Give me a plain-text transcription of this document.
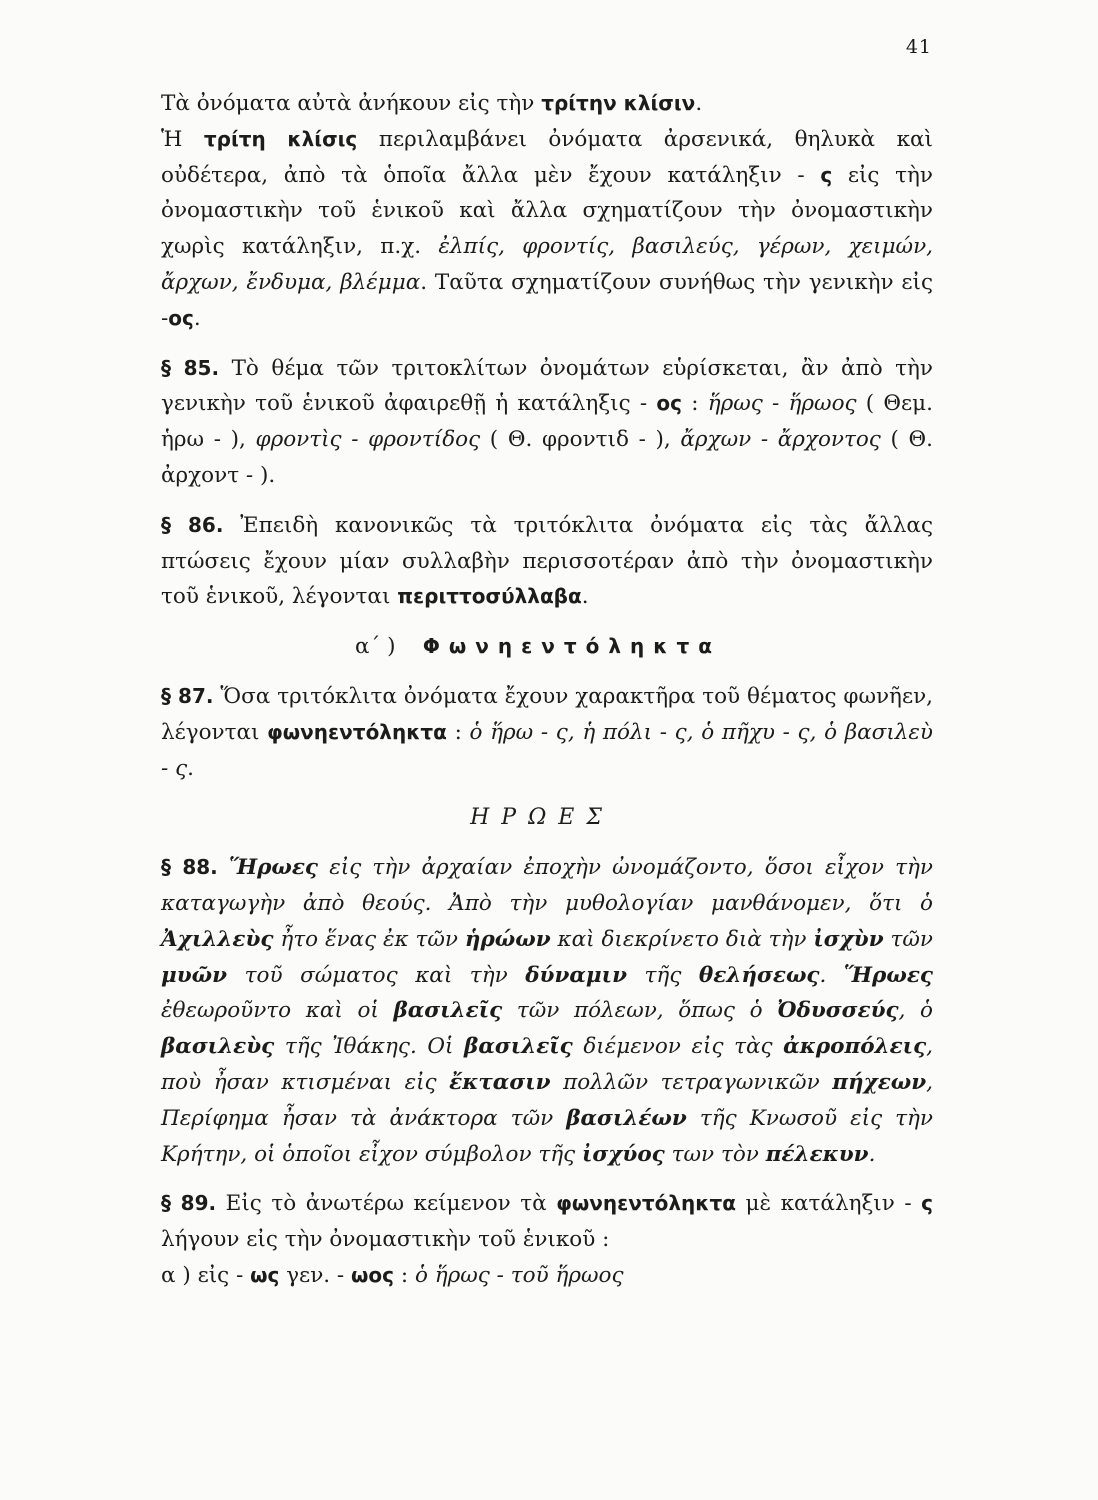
41

Τὰ ὀνόματα αὐτὰ ἀνήκουν εἰς τὴν τρίτην κλίσιν.

Ἡ τρίτη κλίσις περιλαμβάνει ὀνόματα ἀρσενικά, θηλυκὰ καὶ οὐδέτερα, ἀπὸ τὰ ὁποῖα ἄλλα μὲν ἔχουν κατάληξιν - ς εἰς τὴν ὀνομαστικὴν τοῦ ἑνικοῦ καὶ ἄλλα σχηματίζουν τὴν ὀνομαστικὴν χωρὶς κατάληξιν, π.χ. ἐλπίς, φροντίς, βασιλεύς, γέρων, χειμών, ἄρχων, ἔνδυμα, βλέμμα. Ταῦτα σχηματίζουν συνήθως τὴν γενικὴν εἰς -ος.

§ 85. Τὸ θέμα τῶν τριτοκλίτων ὀνομάτων εὑρίσκεται, ἂν ἀπὸ τὴν γενικὴν τοῦ ἑνικοῦ ἀφαιρεθῇ ἡ κατάληξις - ος : ἥρως - ἥρωος ( Θεμ. ἡρω - ), φροντὶς - φροντίδος ( Θ. φροντιδ - ), ἄρχων - ἄρχοντος ( Θ. ἀρχοντ - ).

§ 86. Ἐπειδὴ κανονικῶς τὰ τριτόκλιτα ὀνόματα εἰς τὰς ἄλλας πτώσεις ἔχουν μίαν συλλαβὴν περισσοτέραν ἀπὸ τὴν ὀνομαστικὴν τοῦ ἑνικοῦ, λέγονται περιττοσύλλαβα.

α΄ ) Φωνηεντόληκτα

§ 87. Ὅσα τριτόκλιτα ὀνόματα ἔχουν χαρακτῆρα τοῦ θέματος φωνῆεν, λέγονται φωνηεντόληκτα : ὁ ἥρω - ς, ἡ πόλι - ς, ὁ πῆχυ - ς, ὁ βασιλεὺ - ς.

ΗΡΩΕΣ

§ 88. Ἥρωες εἰς τὴν ἀρχαίαν ἐποχὴν ὠνομάζοντο, ὅσοι εἶχον τὴν καταγωγὴν ἀπὸ θεούς. Ἀπὸ τὴν μυθολογίαν μανθάνομεν, ὅτι ὁ Ἀχιλλεὺς ἦτο ἕνας ἐκ τῶν ἡρώων καὶ διεκρίνετο διὰ τὴν ἰσχὺν τῶν μυῶν τοῦ σώματος καὶ τὴν δύναμιν τῆς θελήσεως. Ἥρωες ἐθεωροῦντο καὶ οἱ βασιλεῖς τῶν πόλεων, ὅπως ὁ Ὀδυσσεύς, ὁ βασιλεὺς τῆς Ἰθάκης. Οἱ βασιλεῖς διέμενον εἰς τὰς ἀκροπόλεις, ποὺ ἦσαν κτισμέναι εἰς ἔκτασιν πολλῶν τετραγωνικῶν πήχεων, Περίφημα ἦσαν τὰ ἀνάκτορα τῶν βασιλέων τῆς Κνωσοῦ εἰς τὴν Κρήτην, οἱ ὁποῖοι εἶχον σύμβολον τῆς ἰσχύος των τὸν πέλεκυν.

§ 89. Εἰς τὸ ἀνωτέρω κείμενον τὰ φωνηεντόληκτα μὲ κατάληξιν - ς λήγουν εἰς τὴν ὀνομαστικὴν τοῦ ἑνικοῦ :

α ) εἰς - ως γεν. - ωος : ὁ ἥρως - τοῦ ἥρωος
